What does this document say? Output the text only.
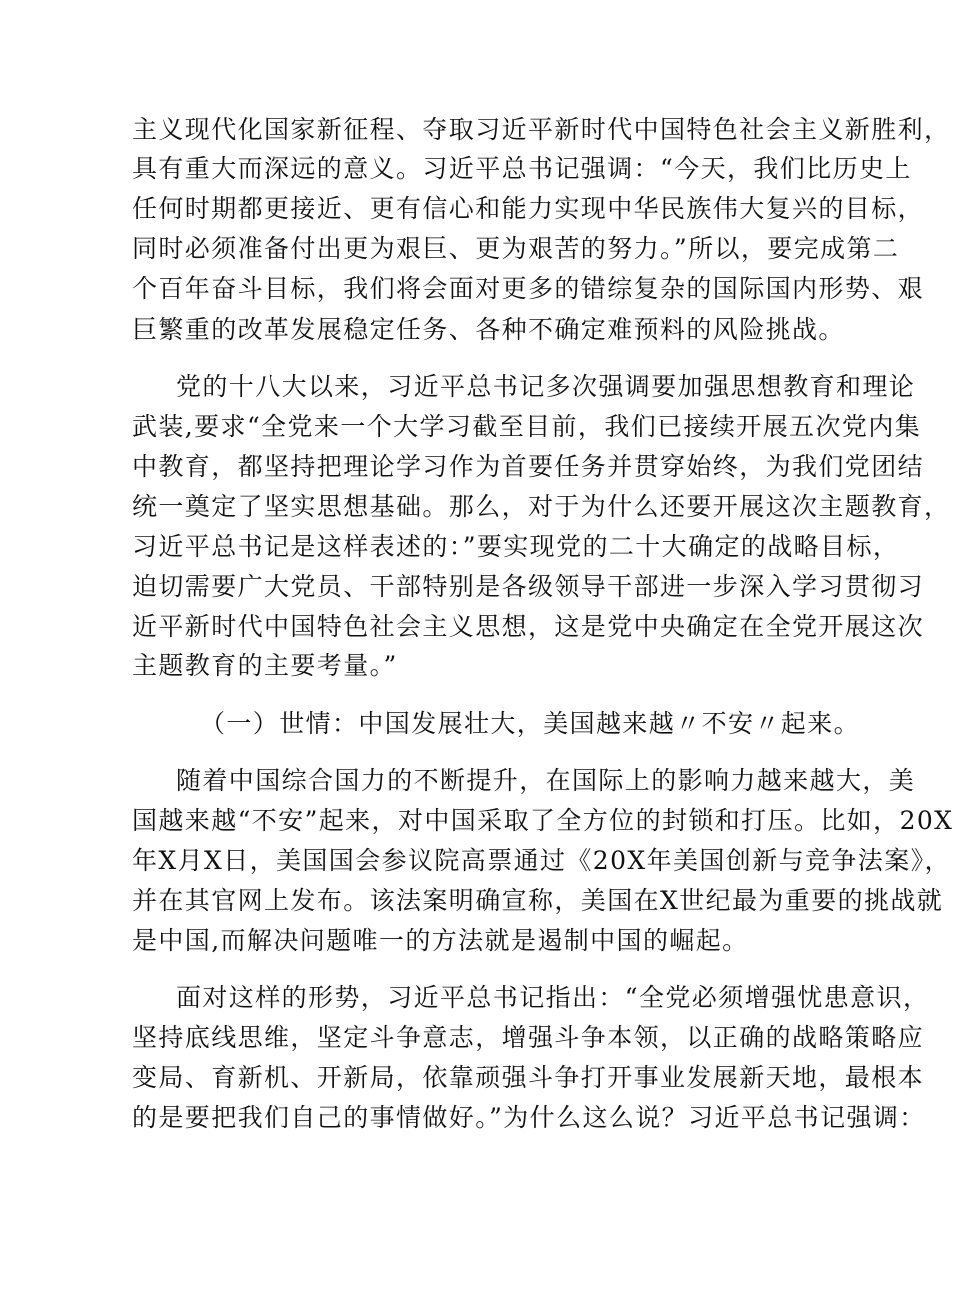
主义现代化国家新征程、夺取习近平新时代中国特色社会主义新胜利，
具有重大而深远的意义。习近平总书记强调：“今天，我们比历史上
任何时期都更接近、更有信心和能力实现中华民族伟大复兴的目标，
同时必须准备付出更为艰巨、更为艰苦的努力。”所以，要完成第二
个百年奋斗目标，我们将会面对更多的错综复杂的国际国内形势、艰
巨繁重的改革发展稳定任务、各种不确定难预料的风险挑战。
党的十八大以来，习近平总书记多次强调要加强思想教育和理论
武装,要求“全党来一个大学习截至目前，我们已接续开展五次党内集
中教育，都坚持把理论学习作为首要任务并贯穿始终，为我们党团结
统一奠定了坚实思想基础。那么，对于为什么还要开展这次主题教育，
习近平总书记是这样表述的：”要实现党的二十大确定的战略目标，
迫切需要广大党员、干部特别是各级领导干部进一步深入学习贯彻习
近平新时代中国特色社会主义思想，这是党中央确定在全党开展这次
主题教育的主要考量。”
（一）世情：中国发展壮大，美国越来越〃不安〃起来。
随着中国综合国力的不断提升，在国际上的影响力越来越大，美
国越来越“不安”起来，对中国采取了全方位的封锁和打压。比如，20X
年X月X日，美国国会参议院高票通过《20X年美国创新与竞争法案》，
并在其官网上发布。该法案明确宣称，美国在X世纪最为重要的挑战就
是中国,而解决问题唯一的方法就是遏制中国的崛起。
面对这样的形势，习近平总书记指出：“全党必须增强忧患意识，
坚持底线思维，坚定斗争意志，增强斗争本领，以正确的战略策略应
变局、育新机、开新局，依靠顽强斗争打开事业发展新天地，最根本
的是要把我们自己的事情做好。”为什么这么说？习近平总书记强调：
